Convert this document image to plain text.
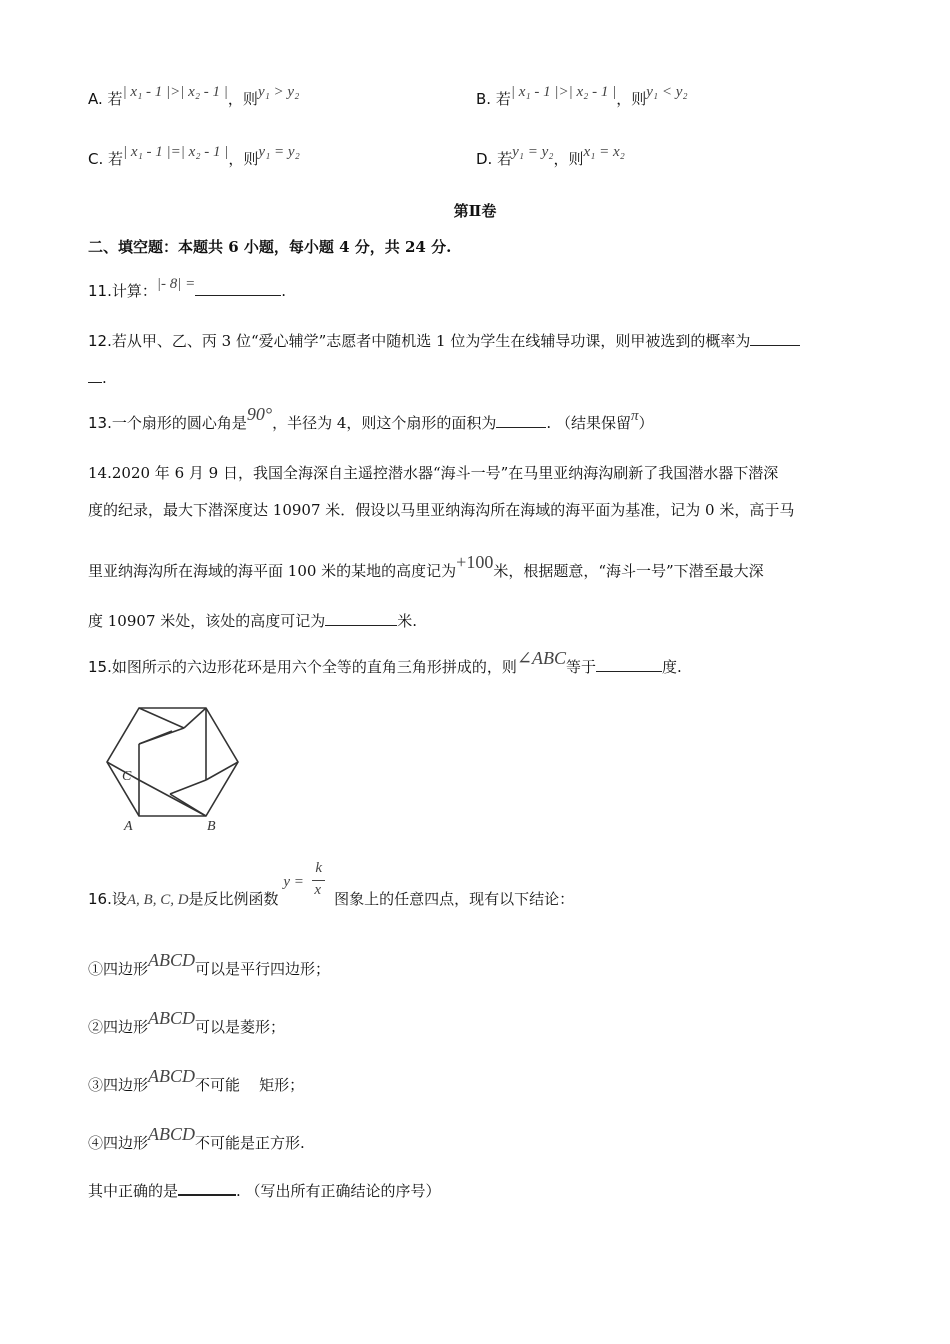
A. 若| x₁ - 1 |>| x₂ - 1 |，则y₁ > y₂	B. 若| x₁ - 1 |>| x₂ - 1 |，则y₁ < y₂
C. 若| x₁ - 1 |=| x₂ - 1 |，则y₁ = y₂	D. 若y₁ = y₂，则x₁ = x₂
第Ⅱ卷
二、填空题：本题共 6 小题，每小题 4 分，共 24 分.
11.计算：|- 8| =	.
12.若从甲、乙、丙 3 位“爱心辅学”志愿者中随机选 1 位为学生在线辅导功课，则甲被选到的概率为
.
13.一个扇形的圆心角是90°，半径为 4，则这个扇形的面积为	. （结果保留π）
14.2020 年 6 月 9 日，我国全海深自主遥控潜水器“海斗一号”在马里亚纳海沟刷新了我国潜水器下潜深
度的纪录，最大下潜深度达 10907 米．假设以马里亚纳海沟所在海域的海平面为基准，记为 0 米，高于马
里亚纳海沟所在海域的海平面 100 米的某地的高度记为+100米，根据题意，“海斗一号”下潜至最大深
度 10907 米处，该处的高度可记为	米.
15.如图所示的六边形花环是用六个全等的直角三角形拼成的，则∠ABC等于	度.
C
A	B
16.设A, B, C, D是反比例函数
y =
k
x 图象上的任意四点，现有以下结论：
①四边形ABCD可以是平行四边形；
②四边形ABCD可以是菱形；
③四边形ABCD不可能    矩形；
④四边形ABCD不可能是正方形.
其中正确的是	. （写出所有正确结论的序号）
